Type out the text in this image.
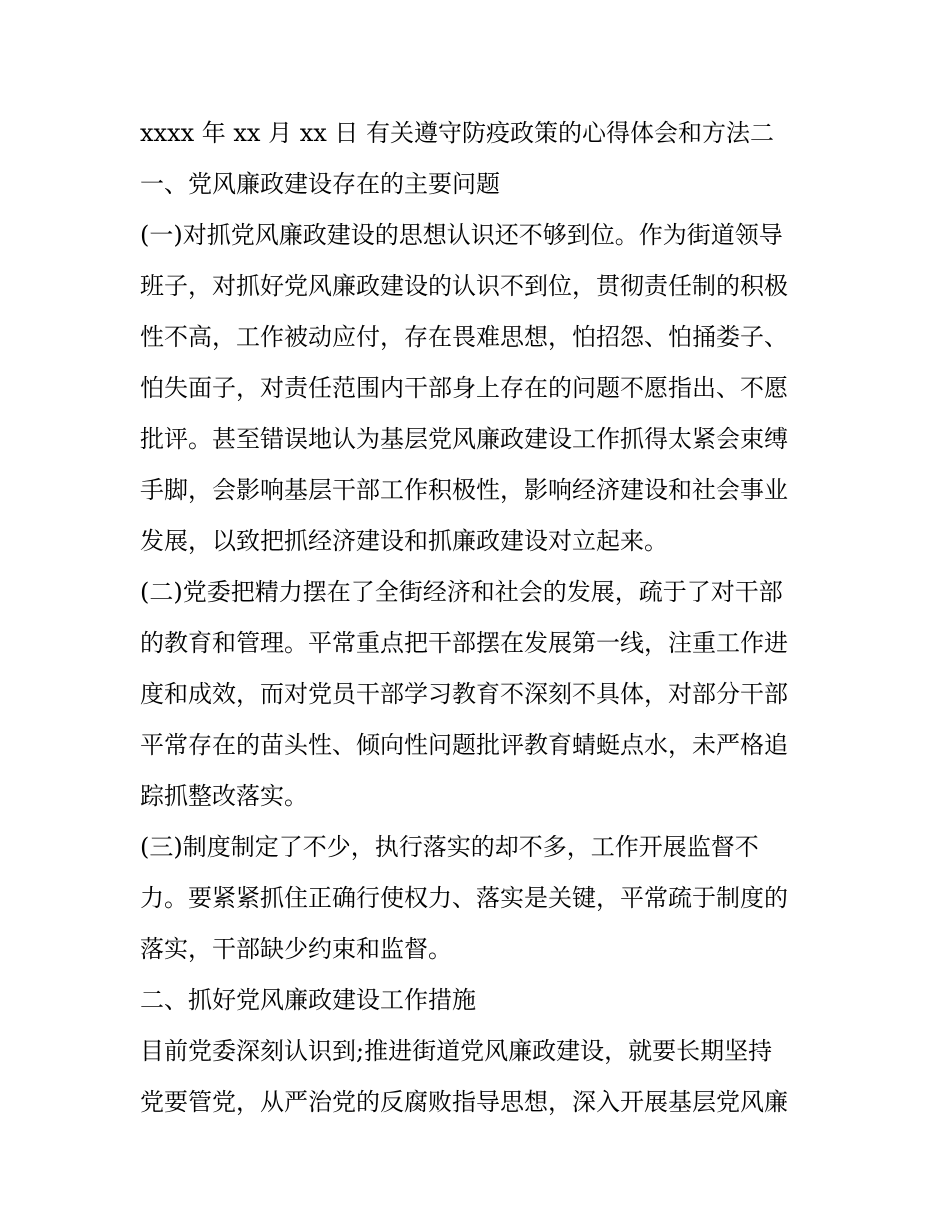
xxxx 年 xx 月 xx 日 有关遵守防疫政策的心得体会和方法二
一、党风廉政建设存在的主要问题
(一)对抓党风廉政建设的思想认识还不够到位。作为街道领导
班子，对抓好党风廉政建设的认识不到位，贯彻责任制的积极
性不高，工作被动应付，存在畏难思想，怕招怨、怕捅娄子、
怕失面子，对责任范围内干部身上存在的问题不愿指出、不愿
批评。甚至错误地认为基层党风廉政建设工作抓得太紧会束缚
手脚，会影响基层干部工作积极性，影响经济建设和社会事业
发展，以致把抓经济建设和抓廉政建设对立起来。
(二)党委把精力摆在了全街经济和社会的发展，疏于了对干部
的教育和管理。平常重点把干部摆在发展第一线，注重工作进
度和成效，而对党员干部学习教育不深刻不具体，对部分干部
平常存在的苗头性、倾向性问题批评教育蜻蜓点水，未严格追
踪抓整改落实。
(三)制度制定了不少，执行落实的却不多，工作开展监督不
力。要紧紧抓住正确行使权力、落实是关键，平常疏于制度的
落实，干部缺少约束和监督。
二、抓好党风廉政建设工作措施
目前党委深刻认识到;推进街道党风廉政建设，就要长期坚持
党要管党，从严治党的反腐败指导思想，深入开展基层党风廉
